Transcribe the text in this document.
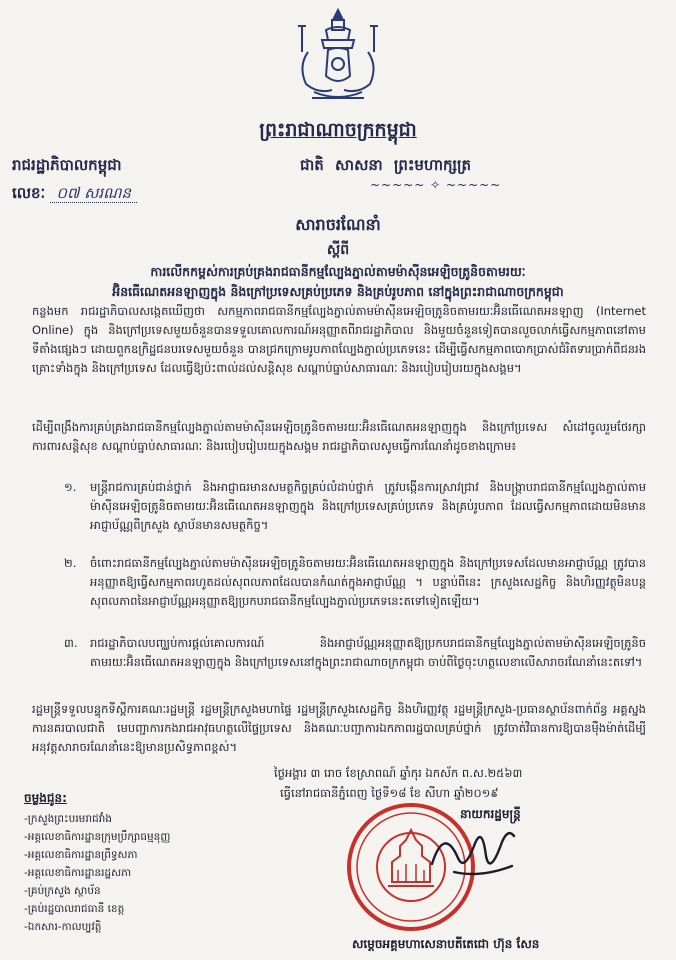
ព្រះរាជាណាចក្រកម្ពុជា
រាជរដ្ឋាភិបាលកម្ពុជា	ជាតិ សាសនា ព្រះមហាក្សត្រ
~~~~~ ✧ ~~~~~
លេខៈ ០៧ សរណន
សារាចរណែនាំ
ស្តីពី
ការលើកកម្ពស់ការគ្រប់គ្រងរាជធានីកម្មល្បែងភ្នាល់តាមម៉ាស៊ីនអេឡិចត្រូនិចតាមរយៈ
អ៊ិនធើណេតអនឡាញក្នុង និងក្រៅប្រទេសគ្រប់ប្រភេទ និងគ្រប់រូបភាព នៅក្នុងព្រះរាជាណាចក្រកម្ពុជា
កន្លងមក រាជរដ្ឋាភិបាលសង្កេតឃើញថា សកម្មភាពរាជធានីកម្មល្បែងភ្នាល់តាមម៉ាស៊ីនអេឡិចត្រូនិចតាមរយៈអ៊ិនធើណេតអនឡាញ (Internet Online) ក្នុង និងក្រៅប្រទេសមួយចំនួនបានទទួលគោលការណ៍អនុញ្ញាតពីរាជរដ្ឋាភិបាល និងមួយចំនួនទៀតបានលួចលាក់ធ្វើសកម្មភាពនៅតាមទីតាំងផ្សេងៗ ដោយពួកឧក្រិដ្ឋជនបរទេសមួយចំនួន បានជ្រកក្រោមរូបភាពល្បែងភ្នាល់ប្រភេទនេះ ដើម្បីធ្វើសកម្មភាពបោកប្រាស់ជំរិតទារប្រាក់ពីជនរងគ្រោះទាំងក្នុង និងក្រៅប្រទេស ដែលធ្វើឱ្យប៉ះពាល់ដល់សន្តិសុខ សណ្តាប់ធ្នាប់សាធារណៈ និងរបៀបរៀបរយក្នុងសង្គម។
ដើម្បីពង្រឹងការគ្រប់គ្រងរាជធានីកម្មល្បែងភ្នាល់តាមម៉ាស៊ីនអេឡិចត្រូនិចតាមរយៈអ៊ិនធើណេតអនឡាញក្នុង និងក្រៅប្រទេស សំដៅចូលរួមថែរក្សាការពារសន្តិសុខ សណ្តាប់ធ្នាប់សាធារណៈ និងរបៀបរៀបរយក្នុងសង្គម រាជរដ្ឋាភិបាលសូមធ្វើការណែនាំដូចខាងក្រោម៖
១. មន្ត្រីរាជការគ្រប់ជាន់ថ្នាក់ និងអាជ្ញាធរមានសមត្ថកិច្ចគ្រប់លំដាប់ថ្នាក់ ត្រូវបង្កើនការស្រាវជ្រាវ និងបង្ក្រាបរាជធានីកម្មល្បែងភ្នាល់តាមម៉ាស៊ីនអេឡិចត្រូនិចតាមរយៈអ៊ិនធើណេតអនឡាញក្នុង និងក្រៅប្រទេសគ្រប់ប្រភេទ និងគ្រប់រូបភាព ដែលធ្វើសកម្មភាពដោយមិនមានអាជ្ញាប័ណ្ណពីក្រសួង ស្ថាប័នមានសមត្ថកិច្ច។
២. ចំពោះរាជធានីកម្មល្បែងភ្នាល់តាមម៉ាស៊ីនអេឡិចត្រូនិចតាមរយៈអ៊ិនធើណេតអនឡាញក្នុង និងក្រៅប្រទេសដែលមានអាជ្ញាប័ណ្ណ ត្រូវបានអនុញ្ញាតឱ្យធ្វើសកម្មភាពរហូតដល់សុពលភាពដែលបានកំណត់ក្នុងអាជ្ញាប័ណ្ណ ។ បន្ទាប់ពីនេះ ក្រសួងសេដ្ឋកិច្ច និងហិរញ្ញវត្ថុមិនបន្តសុពលភាពនៃអាជ្ញាប័ណ្ណអនុញ្ញាតឱ្យប្រកបរាជធានីកម្មល្បែងភ្នាល់ប្រភេទនេះតទៅទៀតឡើយ។
៣. រាជរដ្ឋាភិបាលបញ្ឈប់ការផ្តល់គោលការណ៍ និងអាជ្ញាប័ណ្ណអនុញ្ញាតឱ្យប្រកបរាជធានីកម្មល្បែងភ្នាល់តាមម៉ាស៊ីនអេឡិចត្រូនិចតាមរយៈអ៊ិនធើណេតអនឡាញក្នុង និងក្រៅប្រទេសនៅក្នុងព្រះរាជាណាចក្រកម្ពុជា ចាប់ពីថ្ងៃចុះហត្ថលេខាលើសារាចរណែនាំនេះតទៅ។
រដ្ឋមន្ត្រីទទួលបន្ទុកទីស្តីការគណៈរដ្ឋមន្ត្រី រដ្ឋមន្ត្រីក្រសួងមហាផ្ទៃ រដ្ឋមន្ត្រីក្រសួងសេដ្ឋកិច្ច និងហិរញ្ញវត្ថុ រដ្ឋមន្ត្រីក្រសួង-ប្រធានស្ថាប័នពាក់ព័ន្ធ អគ្គស្នងការនគរបាលជាតិ មេបញ្ជាការកងរាជអាវុធហត្ថលើផ្ទៃប្រទេស និងគណៈបញ្ជាការឯកភាពរដ្ឋបាលគ្រប់ថ្នាក់ ត្រូវចាត់វិធានការឱ្យបានម៉ឺងម៉ាត់ដើម្បីអនុវត្តសារាចរណែនាំនេះឱ្យមានប្រសិទ្ធភាពខ្ពស់។
ថ្ងៃអង្គារ ៣ រោច ខែស្រាពណ៍ ឆ្នាំកុរ ឯកស័ក ព.ស.២៥៦៣
ធ្វើនៅរាជធានីភ្នំពេញ ថ្ងៃទី១៨ ខែ សីហា ឆ្នាំ២០១៩
ចម្លងជូន:
-ក្រសួងព្រះបរមរាជវាំង
-អគ្គលេខាធិការដ្ឋានក្រុមប្រឹក្សាធម្មនុញ្ញ
-អគ្គលេខាធិការដ្ឋានព្រឹទ្ធសភា
-អគ្គលេខាធិការដ្ឋានរដ្ឋសភា
-គ្រប់ក្រសួង ស្ថាប័ន
-គ្រប់រដ្ឋបាលរាជធានី ខេត្ត
-ឯកសារ-កាលប្បវត្តិ
នាយករដ្ឋមន្ត្រី
សម្តេចអគ្គមហាសេនាបតីតេជោ ហ៊ុន សែន
